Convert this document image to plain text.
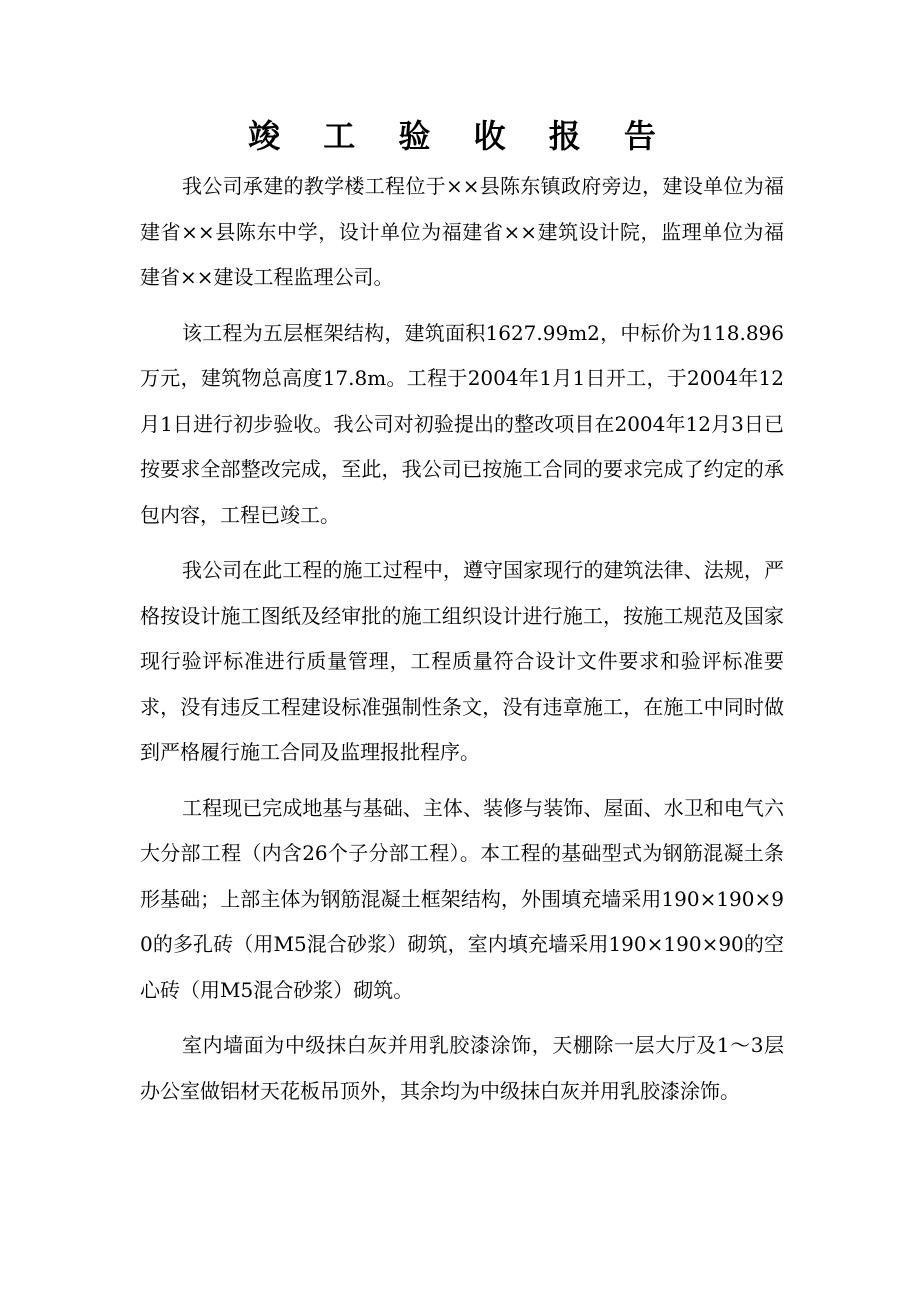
竣 工 验 收 报 告

我公司承建的教学楼工程位于××县陈东镇政府旁边，建设单位为福建省××县陈东中学，设计单位为福建省××建筑设计院，监理单位为福建省××建设工程监理公司。

该工程为五层框架结构，建筑面积1627.99m2，中标价为118.896万元，建筑物总高度17.8m。工程于2004年1月1日开工，于2004年12月1日进行初步验收。我公司对初验提出的整改项目在2004年12月3日已按要求全部整改完成，至此，我公司已按施工合同的要求完成了约定的承包内容，工程已竣工。

我公司在此工程的施工过程中，遵守国家现行的建筑法律、法规，严格按设计施工图纸及经审批的施工组织设计进行施工，按施工规范及国家现行验评标准进行质量管理，工程质量符合设计文件要求和验评标准要求，没有违反工程建设标准强制性条文，没有违章施工，在施工中同时做到严格履行施工合同及监理报批程序。

工程现已完成地基与基础、主体、装修与装饰、屋面、水卫和电气六大分部工程（内含26个子分部工程）。本工程的基础型式为钢筋混凝土条形基础；上部主体为钢筋混凝土框架结构，外围填充墙采用190×190×90的多孔砖（用M5混合砂浆）砌筑，室内填充墙采用190×190×90的空心砖（用M5混合砂浆）砌筑。

室内墙面为中级抹白灰并用乳胶漆涂饰，天棚除一层大厅及1～3层办公室做铝材天花板吊顶外，其余均为中级抹白灰并用乳胶漆涂饰。
